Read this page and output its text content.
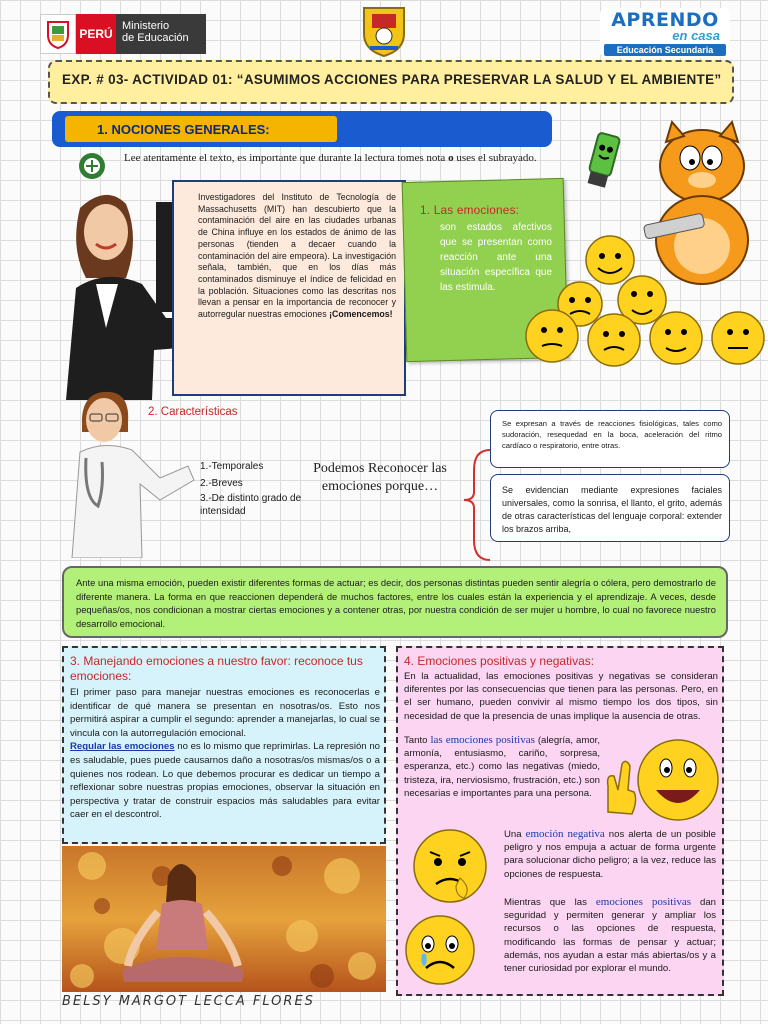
PERÚ
Ministerio
de Educación
APRENDO
en casa
Educación Secundaria
EXP. # 03- ACTIVIDAD 01: “ASUMIMOS ACCIONES PARA PRESERVAR LA SALUD Y EL AMBIENTE”
1. NOCIONES GENERALES:
Lee atentamente el texto, es importante que durante la lectura tomes nota o uses el subrayado.
Investigadores del Instituto de Tecnología de Massachusetts (MIT) han descubierto que la contaminación del aire en las ciudades urbanas de China influye en los estados de ánimo de las personas (tienden a decaer cuando la contaminación del aire empeora). La investigación señala, también, que en los días más contaminados disminuye el índice de felicidad en la población. Situaciones como las descritas nos llevan a pensar en la importancia de reconocer y autorregular nuestras emociones ¡Comencemos!
1. Las emociones:
son estados afectivos que se presentan como reacción ante una situación específica que las estimula.
2. Características
1.-Temporales
2.-Breves
3.-De distinto grado de intensidad
Podemos Reconocer las emociones porque…
Se expresan a través de reacciones fisiológicas, tales como sudoración, resequedad en la boca, aceleración del ritmo cardíaco o respiratorio, entre otras.
Se evidencian mediante expresiones faciales universales, como la sonrisa, el llanto, el grito, además de otras características del lenguaje corporal: extender los brazos arriba,
Ante una misma emoción, pueden existir diferentes formas de actuar; es decir, dos personas distintas pueden sentir alegría o cólera, pero demostrarlo de diferente manera. La forma en que reaccionen dependerá de muchos factores, entre los cuales están la experiencia y el aprendizaje. A veces, desde pequeñas/os, nos condicionan a mostrar ciertas emociones y a contener otras, por nuestra condición de ser mujer u hombre, lo cual no favorece nuestro desarrollo emocional.
3. Manejando emociones a nuestro favor: reconoce tus emociones:
El primer paso para manejar nuestras emociones es reconocerlas e identificar de qué manera se presentan en nosotras/os. Esto nos permitirá aspirar a cumplir el segundo: aprender a manejarlas, lo cual se vincula con la autorregulación emocional.
Regular las emociones no es lo mismo que reprimirlas. La represión no es saludable, pues puede causarnos daño a nosotras/os mismas/os o a quienes nos rodean. Lo que debemos procurar es dedicar un tiempo a reflexionar sobre nuestras propias emociones, observar la situación en perspectiva y tratar de construir espacios más saludables para evitar caer en el descontrol.
4. Emociones positivas y negativas:
En la actualidad, las emociones positivas y negativas se consideran diferentes por las consecuencias que tienen para las personas. Pero, en el ser humano, pueden convivir al mismo tiempo los dos tipos, sin necesidad de que la presencia de unas implique la ausencia de otras.
Tanto las emociones positivas (alegría, amor, armonía, entusiasmo, cariño, sorpresa, esperanza, etc.) como las negativas (miedo, tristeza, ira, nerviosismo, frustración, etc.) son necesarias e importantes para una persona.
Una emoción negativa nos alerta de un posible peligro y nos empuja a actuar de forma urgente para solucionar dicho peligro; a la vez, reduce las opciones de respuesta.
Mientras que las emociones positivas dan seguridad y permiten generar y ampliar los recursos o las opciones de respuesta, modificando las formas de pensar y actuar; además, nos ayudan a estar más abiertas/os y a tener curiosidad por explorar el mundo.
BELSY MARGOT LECCA FLORES
